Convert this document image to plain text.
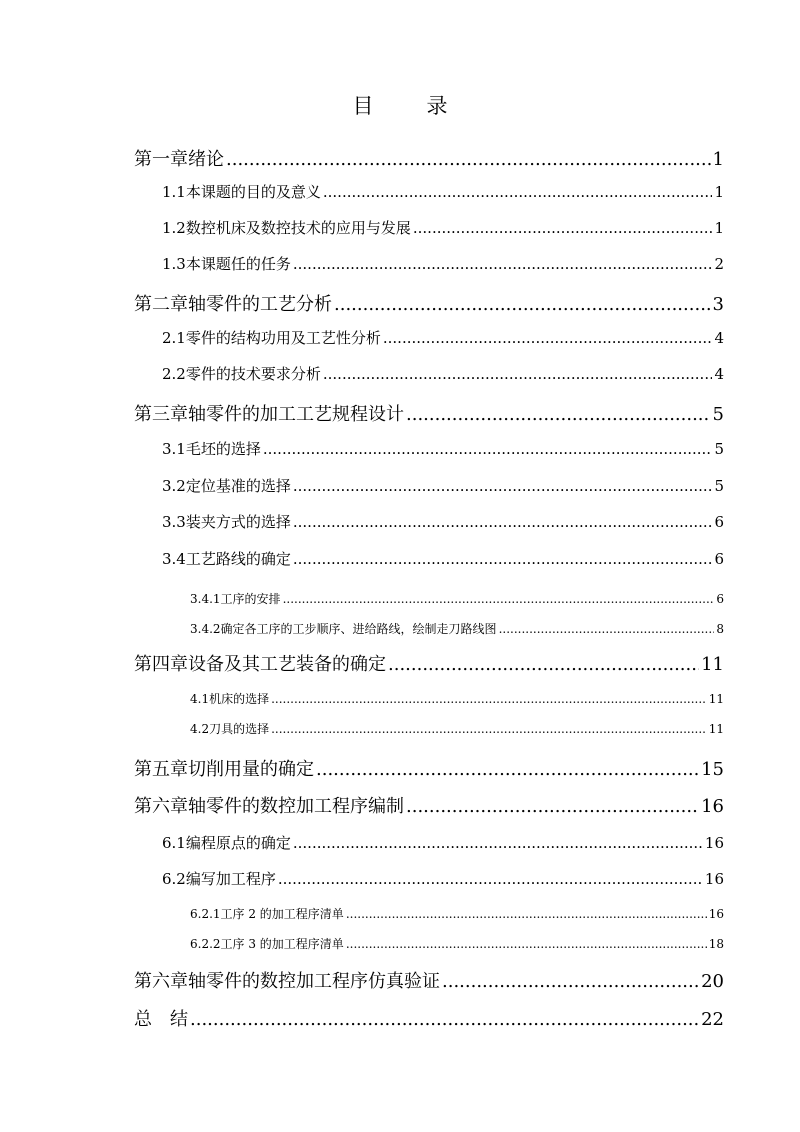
目　录
第一章 绪论 .....	1
1.1 本课题的目的及意义 .....	1
1.2 数控机床及数控技术的应用与发展 .....	1
1.3 本课题任的任务 .....	2
第二章 轴零件的工艺分析 .....	3
2.1 零件的结构功用及工艺性分析 .....	4
2.2 零件的技术要求分析 .....	4
第三章 轴零件的加工工艺规程设计 .....	5
3.1 毛坯的选择 .....	5
3.2 定位基准的选择 .....	5
3.3 装夹方式的选择 .....	6
3.4 工艺路线的确定 .....	6
3.4.1 工序的安排 .....	6
3.4.2 确定各工序的工步顺序、进给路线，绘制走刀路线图 .....	8
第四章 设备及其工艺装备的确定 .....	11
4.1 机床的选择 .....	11
4.2 刀具的选择 .....	11
第五章 切削用量的确定 .....	15
第六章 轴零件的数控加工程序编制 .....	16
6.1 编程原点的确定 .....	16
6.2 编写加工程序 .....	16
6.2.1 工序 2 的加工程序清单 .....	16
6.2.2 工序 3 的加工程序清单 .....	18
第六章 轴零件的数控加工程序仿真验证 .....	20
总　结 .....	22
